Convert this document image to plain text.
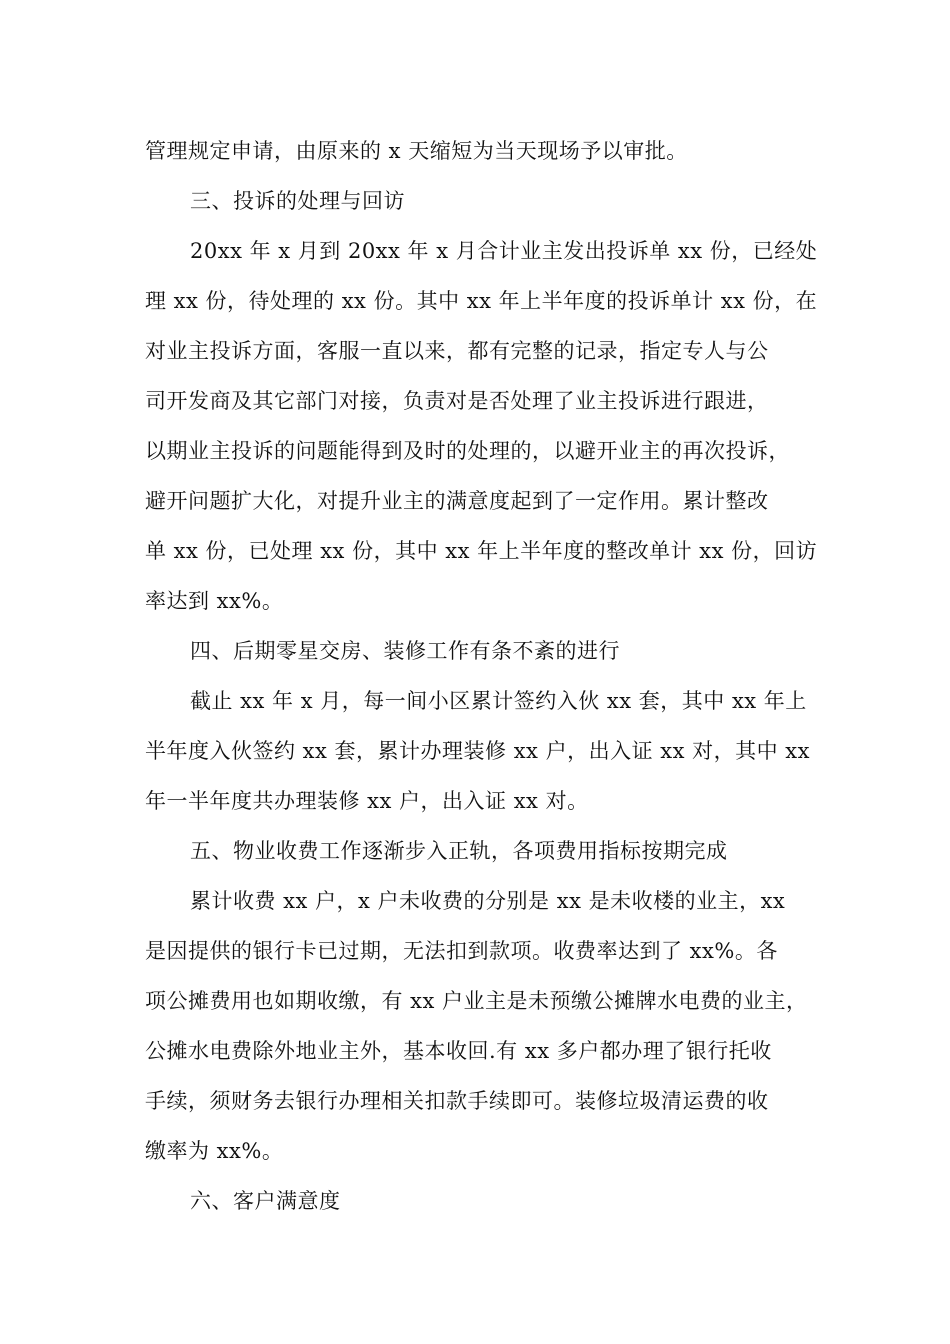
管理规定申请，由原来的 x 天缩短为当天现场予以审批。
三、投诉的处理与回访
20xx 年 x 月到 20xx 年 x 月合计业主发出投诉单 xx 份，已经处
理 xx 份，待处理的 xx 份。其中 xx 年上半年度的投诉单计 xx 份，在
对业主投诉方面，客服一直以来，都有完整的记录，指定专人与公
司开发商及其它部门对接，负责对是否处理了业主投诉进行跟进，
以期业主投诉的问题能得到及时的处理的，以避开业主的再次投诉，
避开问题扩大化，对提升业主的满意度起到了一定作用。累计整改
单 xx 份，已处理 xx 份，其中 xx 年上半年度的整改单计 xx 份，回访
率达到 xx%。
四、后期零星交房、装修工作有条不紊的进行
截止 xx 年 x 月，每一间小区累计签约入伙 xx 套，其中 xx 年上
半年度入伙签约 xx 套，累计办理装修 xx 户，出入证 xx 对，其中 xx
年一半年度共办理装修 xx 户，出入证 xx 对。
五、物业收费工作逐渐步入正轨，各项费用指标按期完成
累计收费 xx 户，x 户未收费的分别是 xx 是未收楼的业主，xx
是因提供的银行卡已过期，无法扣到款项。收费率达到了 xx%。各
项公摊费用也如期收缴，有 xx 户业主是未预缴公摊牌水电费的业主，
公摊水电费除外地业主外，基本收回.有 xx 多户都办理了银行托收
手续，须财务去银行办理相关扣款手续即可。装修垃圾清运费的收
缴率为 xx%。
六、客户满意度
